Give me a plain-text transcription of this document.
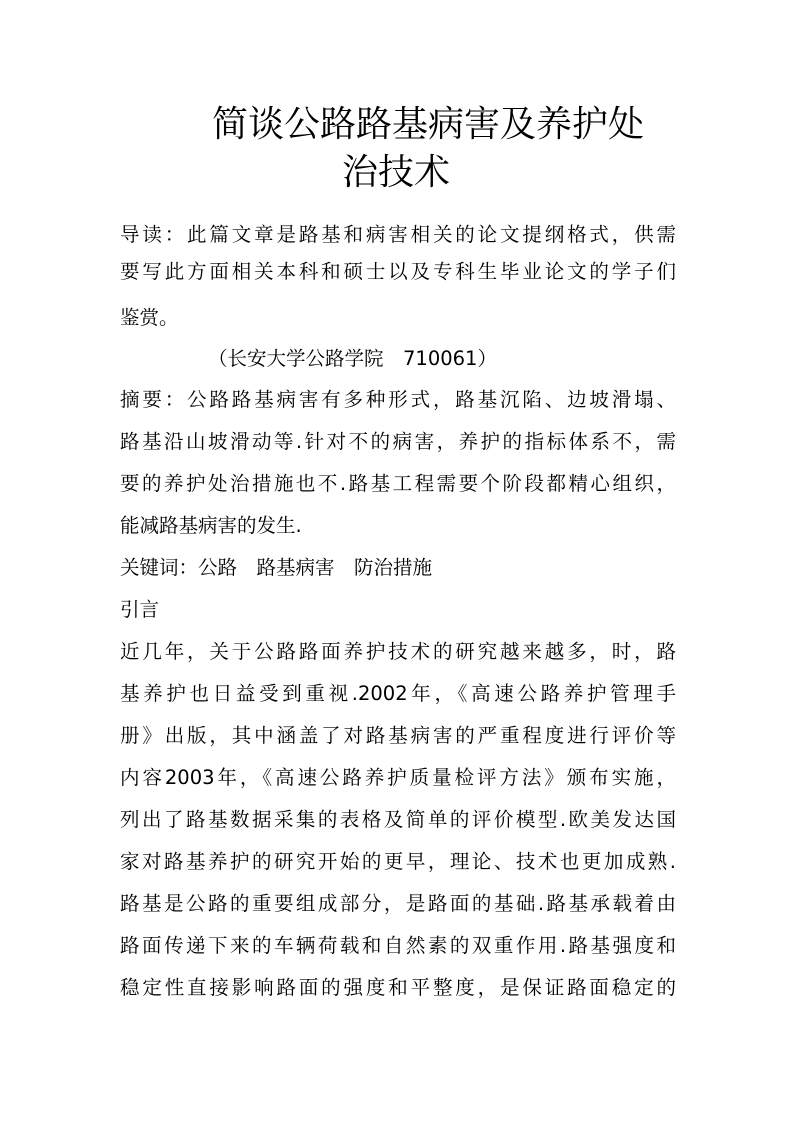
简谈公路路基病害及养护处
治技术
导读：此篇文章是路基和病害相关的论文提纲格式，供需
要写此方面相关本科和硕士以及专科生毕业论文的学子们
鉴赏。
（长安大学公路学院　710061）
摘要：公路路基病害有多种形式，路基沉陷、边坡滑塌、
路基沿山坡滑动等.针对不的病害，养护的指标体系不，需
要的养护处治措施也不.路基工程需要个阶段都精心组织，
能减路基病害的发生.
关键词：公路　路基病害　防治措施
引言
近几年，关于公路路面养护技术的研究越来越多，时，路
基养护也日益受到重视.2002年，《高速公路养护管理手
册》出版，其中涵盖了对路基病害的严重程度进行评价等
内容2003年，《高速公路养护质量检评方法》颁布实施，
列出了路基数据采集的表格及简单的评价模型.欧美发达国
家对路基养护的研究开始的更早，理论、技术也更加成熟.
路基是公路的重要组成部分，是路面的基础.路基承载着由
路面传递下来的车辆荷载和自然素的双重作用.路基强度和
稳定性直接影响路面的强度和平整度，是保证路面稳定的
